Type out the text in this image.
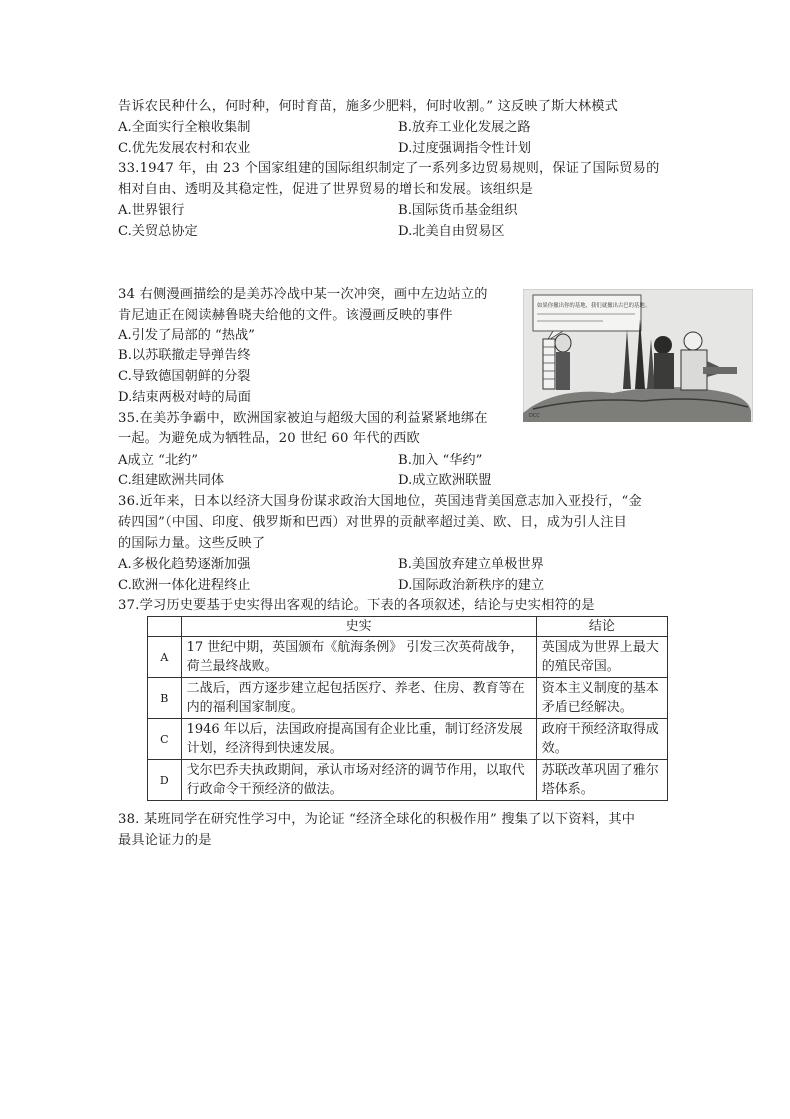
告诉农民种什么，何时种，何时育苗，施多少肥料，何时收割。” 这反映了斯大林模式
A.全面实行全粮收集制	B.放弃工业化发展之路
C.优先发展农村和农业	D.过度强调指令性计划
33.1947 年，由 23 个国家组建的国际组织制定了一系列多边贸易规则，保证了国际贸易的
相对自由、透明及其稳定性，促进了世界贸易的增长和发展。该组织是
A.世界银行	B.国际货币基金组织
C.关贸总协定	D.北美自由贸易区
34 右侧漫画描绘的是美苏冷战中某一次冲突，画中左边站立的
肯尼迪正在阅读赫鲁晓夫给他的文件。该漫画反映的事件
A.引发了局部的 “热战”
B.以苏联撤走导弹告终
C.导致德国朝鲜的分裂
D.结束两极对峙的局面
如果你撤出你的基地，我们就撤出古巴的基地。
DCC
35.在美苏争霸中，欧洲国家被迫与超级大国的利益紧紧地绑在
一起。为避免成为牺牲品，20 世纪 60 年代的西欧
A成立 “北约”	B.加入 “华约”
C.组建欧洲共同体	D.成立欧洲联盟
36.近年来，日本以经济大国身份谋求政治大国地位，英国违背美国意志加入亚投行，“金
砖四国”（中国、印度、俄罗斯和巴西）对世界的贡献率超过美、欧、日，成为引人注目
的国际力量。这些反映了
A.多极化趋势逐渐加强	B.美国放弃建立单极世界
C.欧洲一体化进程终止	D.国际政治新秩序的建立
37.学习历史要基于史实得出客观的结论。下表的各项叙述，结论与史实相符的是
	史实	结论
A	17 世纪中期，英国颁布《航海条例》 引发三次英荷战争，荷兰最终战败。	英国成为世界上最大的殖民帝国。
B	二战后，西方逐步建立起包括医疗、养老、住房、教育等在内的福利国家制度。	资本主义制度的基本矛盾已经解决。
C	1946 年以后，法国政府提高国有企业比重，制订经济发展计划，经济得到快速发展。	政府干预经济取得成效。
D	戈尔巴乔夫执政期间，承认市场对经济的调节作用，以取代行政命令干预经济的做法。	苏联改革巩固了雅尔塔体系。
38. 某班同学在研究性学习中，为论证 “经济全球化的积极作用” 搜集了以下资料，其中
最具论证力的是
